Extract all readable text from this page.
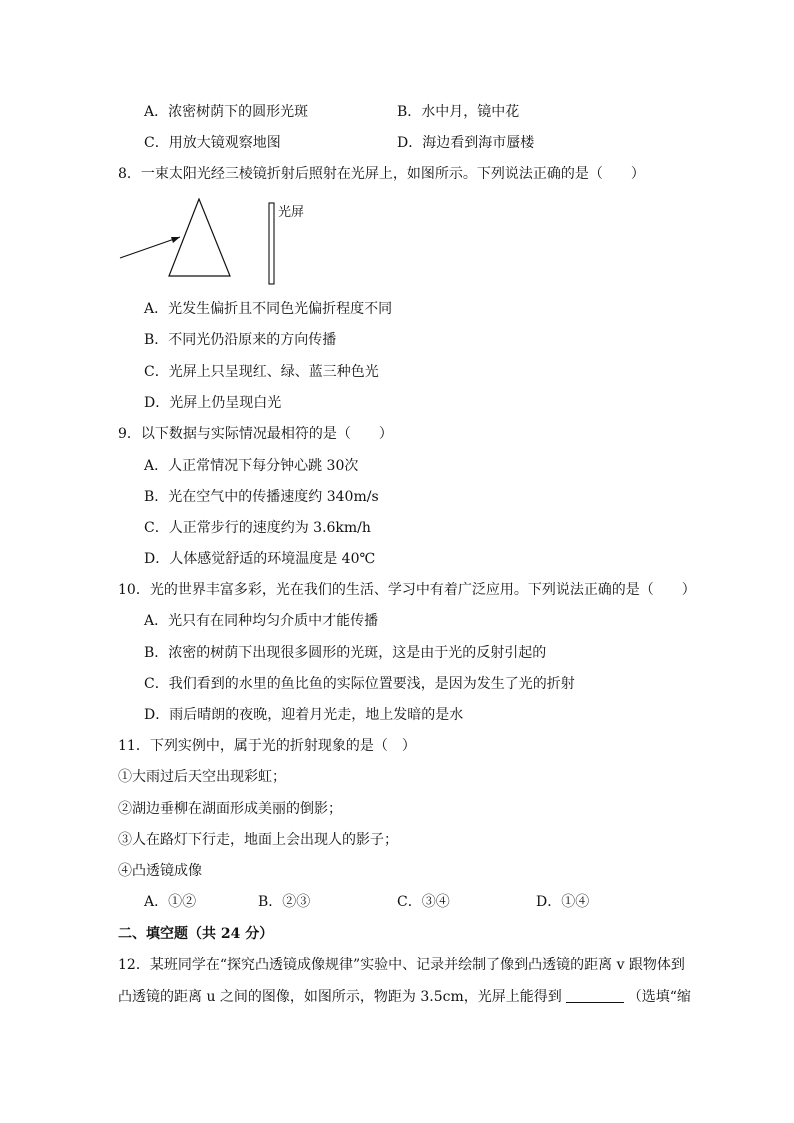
A．浓密树荫下的圆形光斑	B．水中月，镜中花
C．用放大镜观察地图	D．海边看到海市蜃楼
8．一束太阳光经三棱镜折射后照射在光屏上，如图所示。下列说法正确的是（　　）
光屏
A．光发生偏折且不同色光偏折程度不同
B．不同光仍沿原来的方向传播
C．光屏上只呈现红、绿、蓝三种色光
D．光屏上仍呈现白光
9．以下数据与实际情况最相符的是（　　）
A．人正常情况下每分钟心跳 30次
B．光在空气中的传播速度约 340m/s
C．人正常步行的速度约为 3.6km/h
D．人体感觉舒适的环境温度是 40℃
10．光的世界丰富多彩，光在我们的生活、学习中有着广泛应用。下列说法正确的是（　　）
A．光只有在同种均匀介质中才能传播
B．浓密的树荫下出现很多圆形的光斑，这是由于光的反射引起的
C．我们看到的水里的鱼比鱼的实际位置要浅，是因为发生了光的折射
D．雨后晴朗的夜晚，迎着月光走，地上发暗的是水
11．下列实例中，属于光的折射现象的是（　）
①大雨过后天空出现彩虹；
②湖边垂柳在湖面形成美丽的倒影；
③人在路灯下行走，地面上会出现人的影子；
④凸透镜成像
A．①②	B．②③	C．③④	D．①④
二、填空题（共 24 分）
12．某班同学在“探究凸透镜成像规律”实验中、记录并绘制了像到凸透镜的距离 v 跟物体到
凸透镜的距离 u 之间的图像，如图所示，物距为 3.5cm，光屏上能得到	（选填“缩
